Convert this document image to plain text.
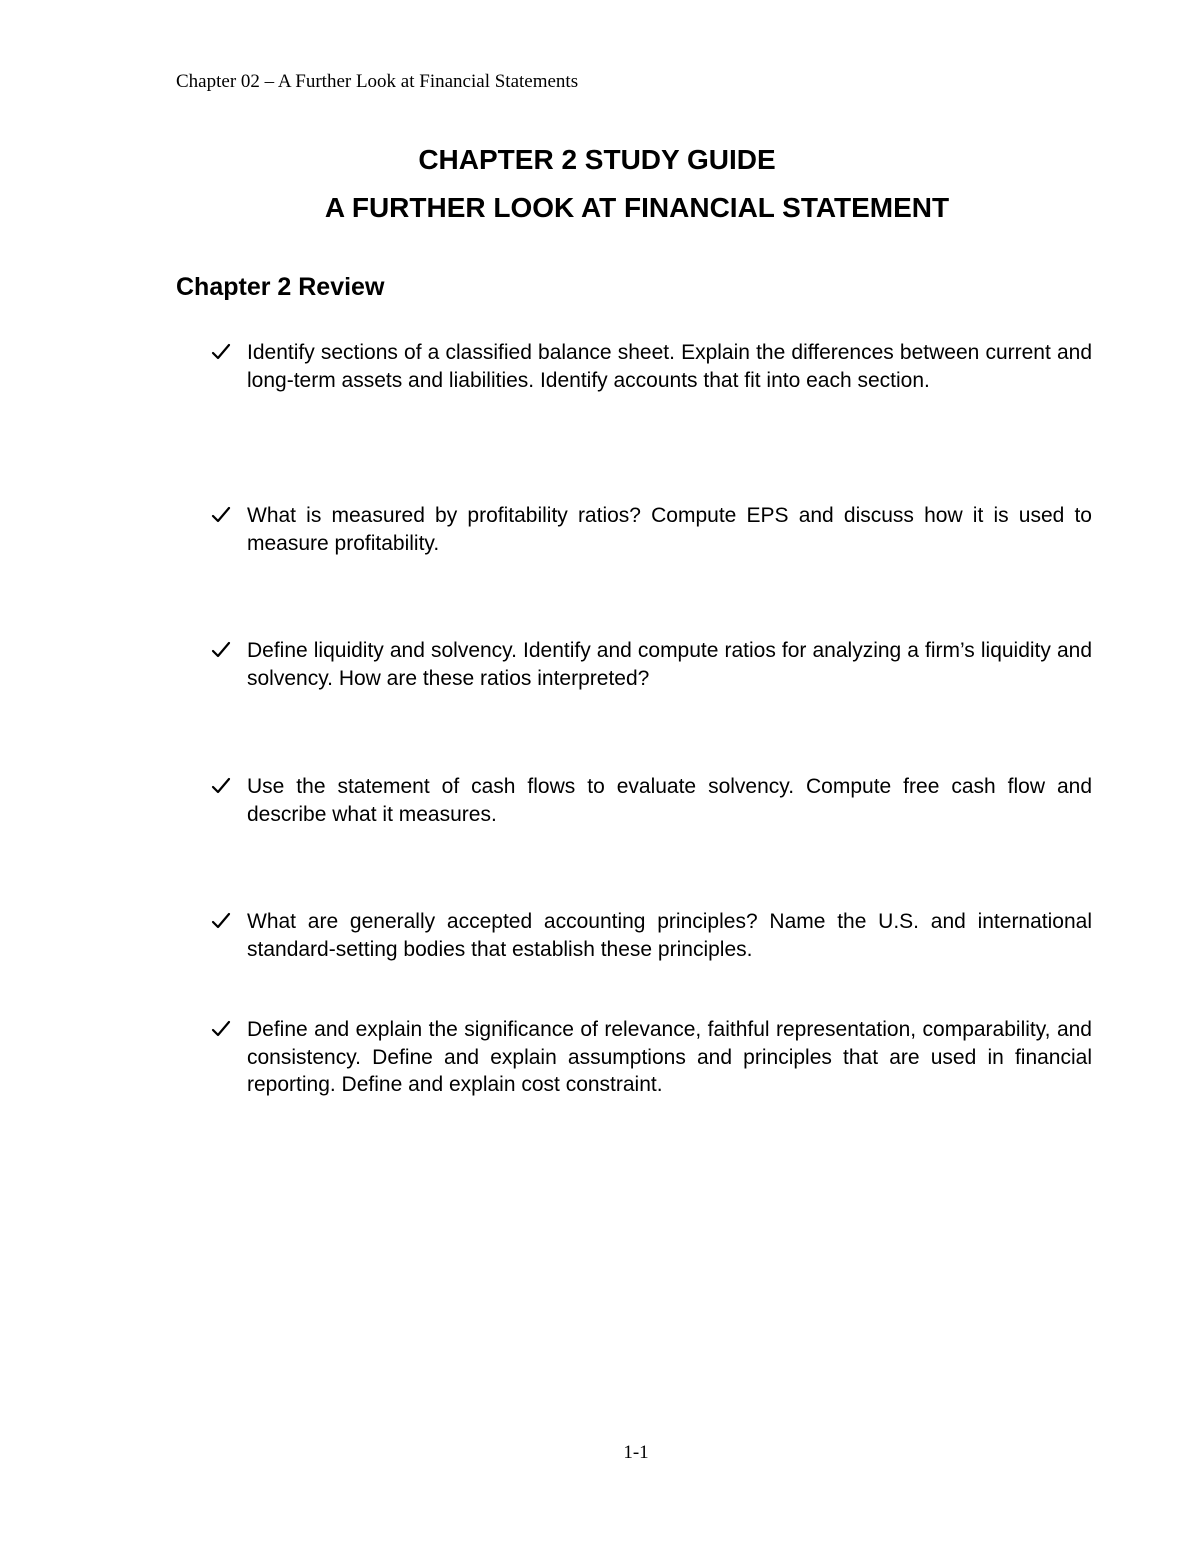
Chapter 02 – A Further Look at Financial Statements
CHAPTER 2 STUDY GUIDE
A FURTHER LOOK AT FINANCIAL STATEMENT
Chapter 2 Review
Identify sections of a classified balance sheet. Explain the differences between current and long-term assets and liabilities. Identify accounts that fit into each section.
What is measured by profitability ratios? Compute EPS and discuss how it is used to measure profitability.
Define liquidity and solvency. Identify and compute ratios for analyzing a firm’s liquidity and solvency. How are these ratios interpreted?
Use the statement of cash flows to evaluate solvency. Compute free cash flow and describe what it measures.
What are generally accepted accounting principles? Name the U.S. and international standard-setting bodies that establish these principles.
Define and explain the significance of relevance, faithful representation, comparability, and consistency. Define and explain assumptions and principles that are used in financial reporting. Define and explain cost constraint.
1-1
